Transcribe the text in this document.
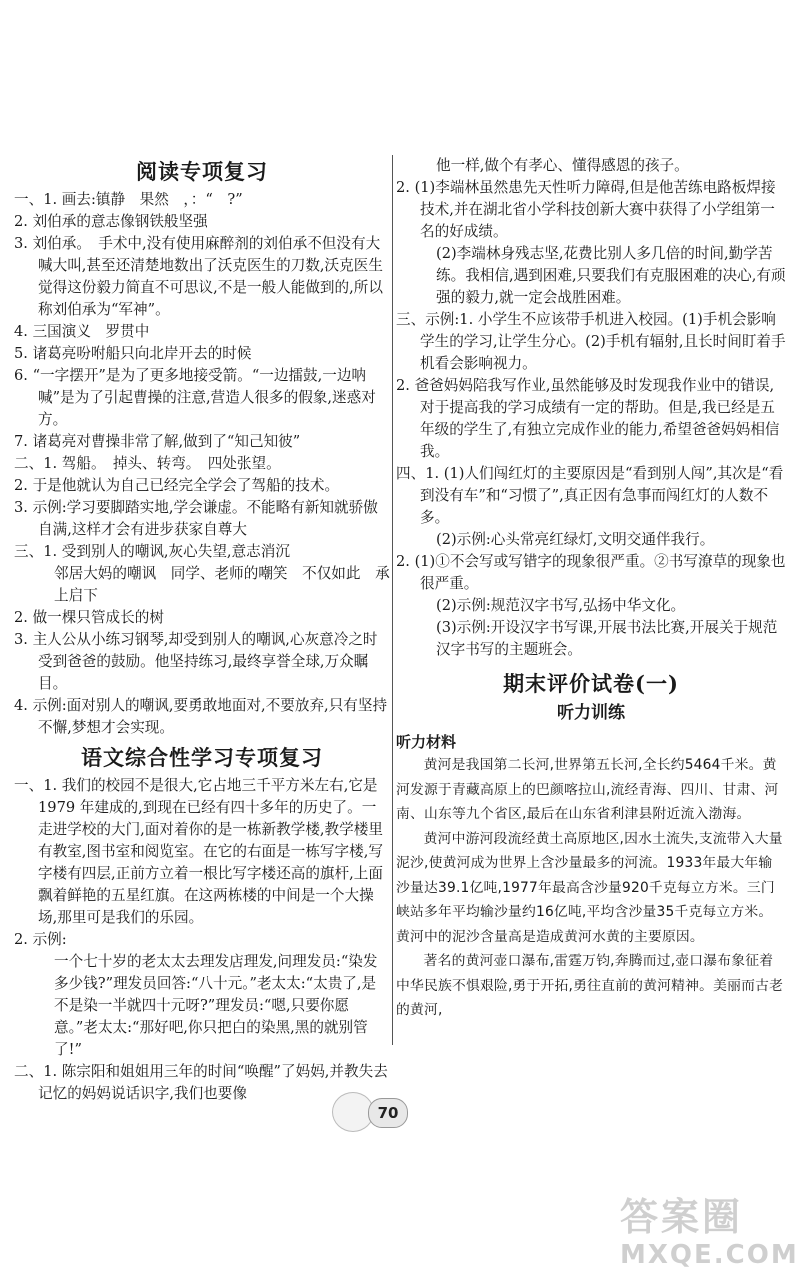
阅读专项复习
一、1. 画去:镇静　果然　，：“　?”
2. 刘伯承的意志像钢铁般坚强
3. 刘伯承。　手术中,没有使用麻醉剂的刘伯承不但没有大喊大叫,甚至还清楚地数出了沃克医生的刀数,沃克医生觉得这份毅力简直不可思议,不是一般人能做到的,所以称刘伯承为“军神”。
4. 三国演义　罗贯中
5. 诸葛亮吩咐船只向北岸开去的时候
6. “一字摆开”是为了更多地接受箭。“一边擂鼓,一边呐喊”是为了引起曹操的注意,营造人很多的假象,迷惑对方。
7. 诸葛亮对曹操非常了解,做到了“知己知彼”
二、1. 驾船。　掉头、转弯。　四处张望。
2. 于是他就认为自己已经完全学会了驾船的技术。
3. 示例:学习要脚踏实地,学会谦虚。不能略有新知就骄傲自满,这样才会有进步获家自尊大
三、1. 受到别人的嘲讽,灰心失望,意志消沉
邻居大妈的嘲讽　同学、老师的嘲笑　不仅如此　承上启下
2. 做一棵只管成长的树
3. 主人公从小练习钢琴,却受到别人的嘲讽,心灰意冷之时受到爸爸的鼓励。他坚持练习,最终享誉全球,万众瞩目。
4. 示例:面对别人的嘲讽,要勇敢地面对,不要放弃,只有坚持不懈,梦想才会实现。
语文综合性学习专项复习
一、1. 我们的校园不是很大,它占地三千平方米左右,它是 1979 年建成的,到现在已经有四十多年的历史了。一走进学校的大门,面对着你的是一栋新教学楼,教学楼里有教室,图书室和阅览室。在它的右面是一栋写字楼,写字楼有四层,正前方立着一根比写字楼还高的旗杆,上面飘着鲜艳的五星红旗。在这两栋楼的中间是一个大操场,那里可是我们的乐园。
2. 示例:
一个七十岁的老太太去理发店理发,问理发员:“染发多少钱?”理发员回答:“八十元。”老太太:“太贵了,是不是染一半就四十元呀?”理发员:“嗯,只要你愿意。”老太太:“那好吧,你只把白的染黑,黑的就别管了!”
二、1. 陈宗阳和姐姐用三年的时间“唤醒”了妈妈,并教失去记忆的妈妈说话识字,我们也要像
他一样,做个有孝心、懂得感恩的孩子。
2. (1)李端林虽然患先天性听力障碍,但是他苦练电路板焊接技术,并在湖北省小学科技创新大赛中获得了小学组第一名的好成绩。
(2)李端林身残志坚,花费比别人多几倍的时间,勤学苦练。我相信,遇到困难,只要我们有克服困难的决心,有顽强的毅力,就一定会战胜困难。
三、示例:1. 小学生不应该带手机进入校园。(1)手机会影响学生的学习,让学生分心。(2)手机有辐射,且长时间盯着手机看会影响视力。
2. 爸爸妈妈陪我写作业,虽然能够及时发现我作业中的错误,对于提高我的学习成绩有一定的帮助。但是,我已经是五年级的学生了,有独立完成作业的能力,希望爸爸妈妈相信我。
四、1. (1)人们闯红灯的主要原因是“看到别人闯”,其次是“看到没有车”和“习惯了”,真正因有急事而闯红灯的人数不多。
(2)示例:心头常亮红绿灯,文明交通伴我行。
2. (1)①不会写或写错字的现象很严重。②书写潦草的现象也很严重。
(2)示例:规范汉字书写,弘扬中华文化。
(3)示例:开设汉字书写课,开展书法比赛,开展关于规范汉字书写的主题班会。
期末评价试卷(一)
听力训练
听力材料

黄河是我国第二长河,世界第五长河,全长约5464千米。黄河发源于青藏高原上的巴颜喀拉山,流经青海、四川、甘肃、河南、山东等九个省区,最后在山东省利津县附近流入渤海。

黄河中游河段流经黄土高原地区,因水土流失,支流带入大量泥沙,使黄河成为世界上含沙量最多的河流。1933年最大年输沙量达39.1亿吨,1977年最高含沙量920千克每立方米。三门峡站多年平均输沙量约16亿吨,平均含沙量35千克每立方米。黄河中的泥沙含量高是造成黄河水黄的主要原因。

著名的黄河壶口瀑布,雷霆万钧,奔腾而过,壶口瀑布象征着中华民族不惧艰险,勇于开拓,勇往直前的黄河精神。美丽而古老的黄河,

70
答案圈
MXQE.COM
